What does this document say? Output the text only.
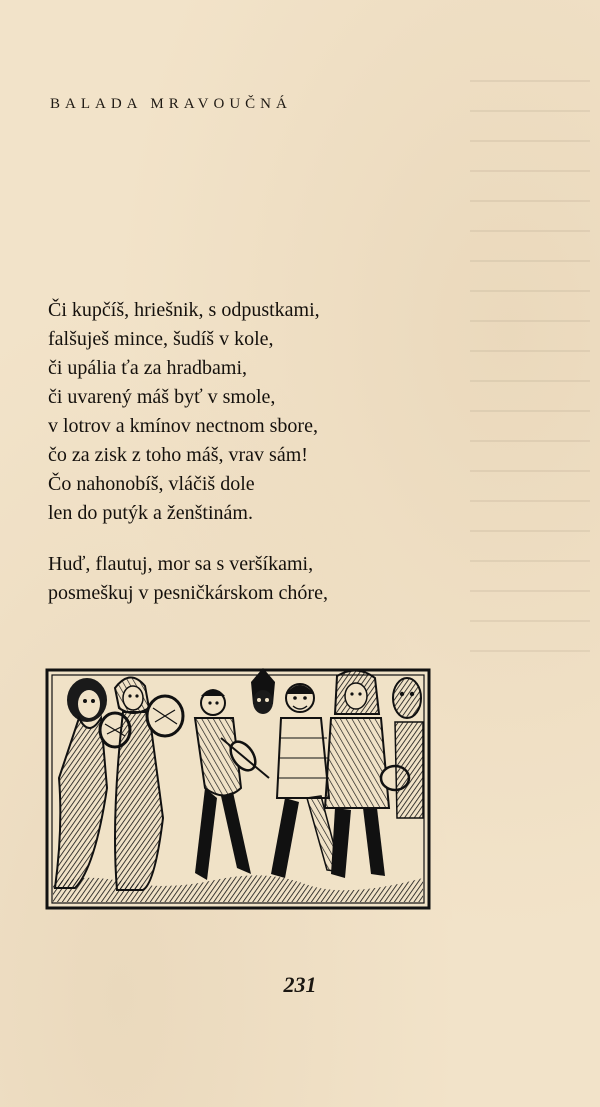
BALADA MRAVOUČNÁ
Či kupčíš, hriešnik, s odpustkami,
falšuješ mince, šudíš v kole,
či upália ťa za hradbami,
či uvarený máš byť v smole,
v lotrov a kmínov nectnom sbore,
čo za zisk z toho máš, vrav sám!
Čo nahonobíš, vláčiš dole
len do putýk a ženštinám.
Huď, flautuj, mor sa s veršíkami,
posmeškuj v pesničkárskom chóre,
231
